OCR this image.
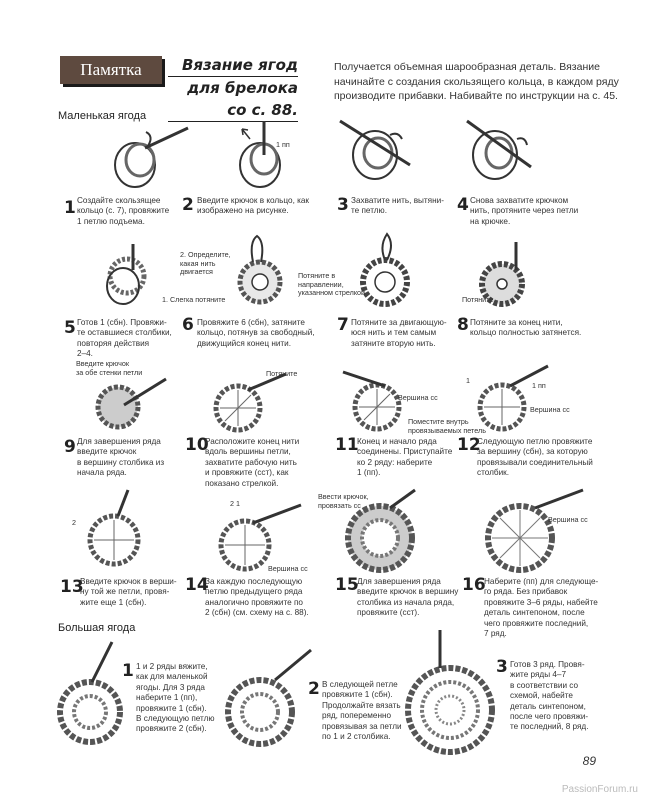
Памятка	Вязание ягод
для брелока со с. 88.
Получается объемная шарообразная деталь. Вязание начинайте с создания скользящего кольца, в каждом ряду производите прибавки. Набивайте по инструкции на с. 45.
Маленькая ягода
Большая ягода
1 пп
1 Создайте скользящее
кольцо (с. 7), провяжите
1 петлю подъема.
2 Введите крючок в кольцо, как
изображено на рисунке.	3 Захватите нить, вытяни-
те петлю.	4 Снова захватите крючком
нить, протяните через петли
на крючке.
2. Определите,
какая нить
двигается
1. Слегка потяните
Потяните в
направлении,
указанном стрелкой
Потяните
5 Готов 1 (сбн). Провяжи-
те оставшиеся столбики,
повторяя действия
2–4.
6 Провяжите 6 (сбн), затяните
кольцо, потянув за свободный,
движущийся конец нити.
7 Потяните за двигающую-
юся нить и тем самым
затяните вторую нить.
8 Потяните за конец нити,
кольцо полностью затянется.
Введите крючок
за обе стенки петли	Потяните
Вершина сс
Поместите внутрь
провязываемых петель
1
1 пп
Вершина сс
9 Для завершения ряда
введите крючок
в вершину столбика из
начала ряда.
10
Расположите конец нити
вдоль вершины петли,
захватите рабочую нить
и провяжите (сст), как
показано стрелкой.
11
Конец и начало ряда
соединены. Приступайте
ко 2 ряду: наберите
1 (пп).
12
Следующую петлю провяжите
за вершину (сбн), за которую
провязывали соединительный
столбик.
2
2 1
Вершина сс
Ввести крючок,
провязать сс
Вершина сс
13
Введите крючок в верши-
ну той же петли, провя-
жите еще 1 (сбн).
14
За каждую последующую
петлю предыдущего ряда
аналогично провяжите по
2 (сбн) (см. схему на с. 88).
15
Для завершения ряда
введите крючок в вершину
столбика из начала ряда,
провяжите (сст).
16
Наберите (пп) для следующе-
го ряда. Без прибавок
провяжите 3–6 ряды, набейте
деталь синтепоном, после
чего провяжите последний,
7 ряд.
1 1 и 2 ряды вяжите,
как для маленькой
ягоды. Для 3 ряда
наберите 1 (пп),
провяжите 1 (сбн).
В следующую петлю
провяжите 2 (сбн).
2 В следующей петле
провяжите 1 (сбн).
Продолжайте вязать
ряд, попеременно
провязывая за петли
по 1 и 2 столбика.
3 Готов 3 ряд. Провя-
жите ряды 4–7
в соответствии со
схемой, набейте
деталь синтепоном,
после чего провяжи-
те последний, 8 ряд.
89
PassionForum.ru
